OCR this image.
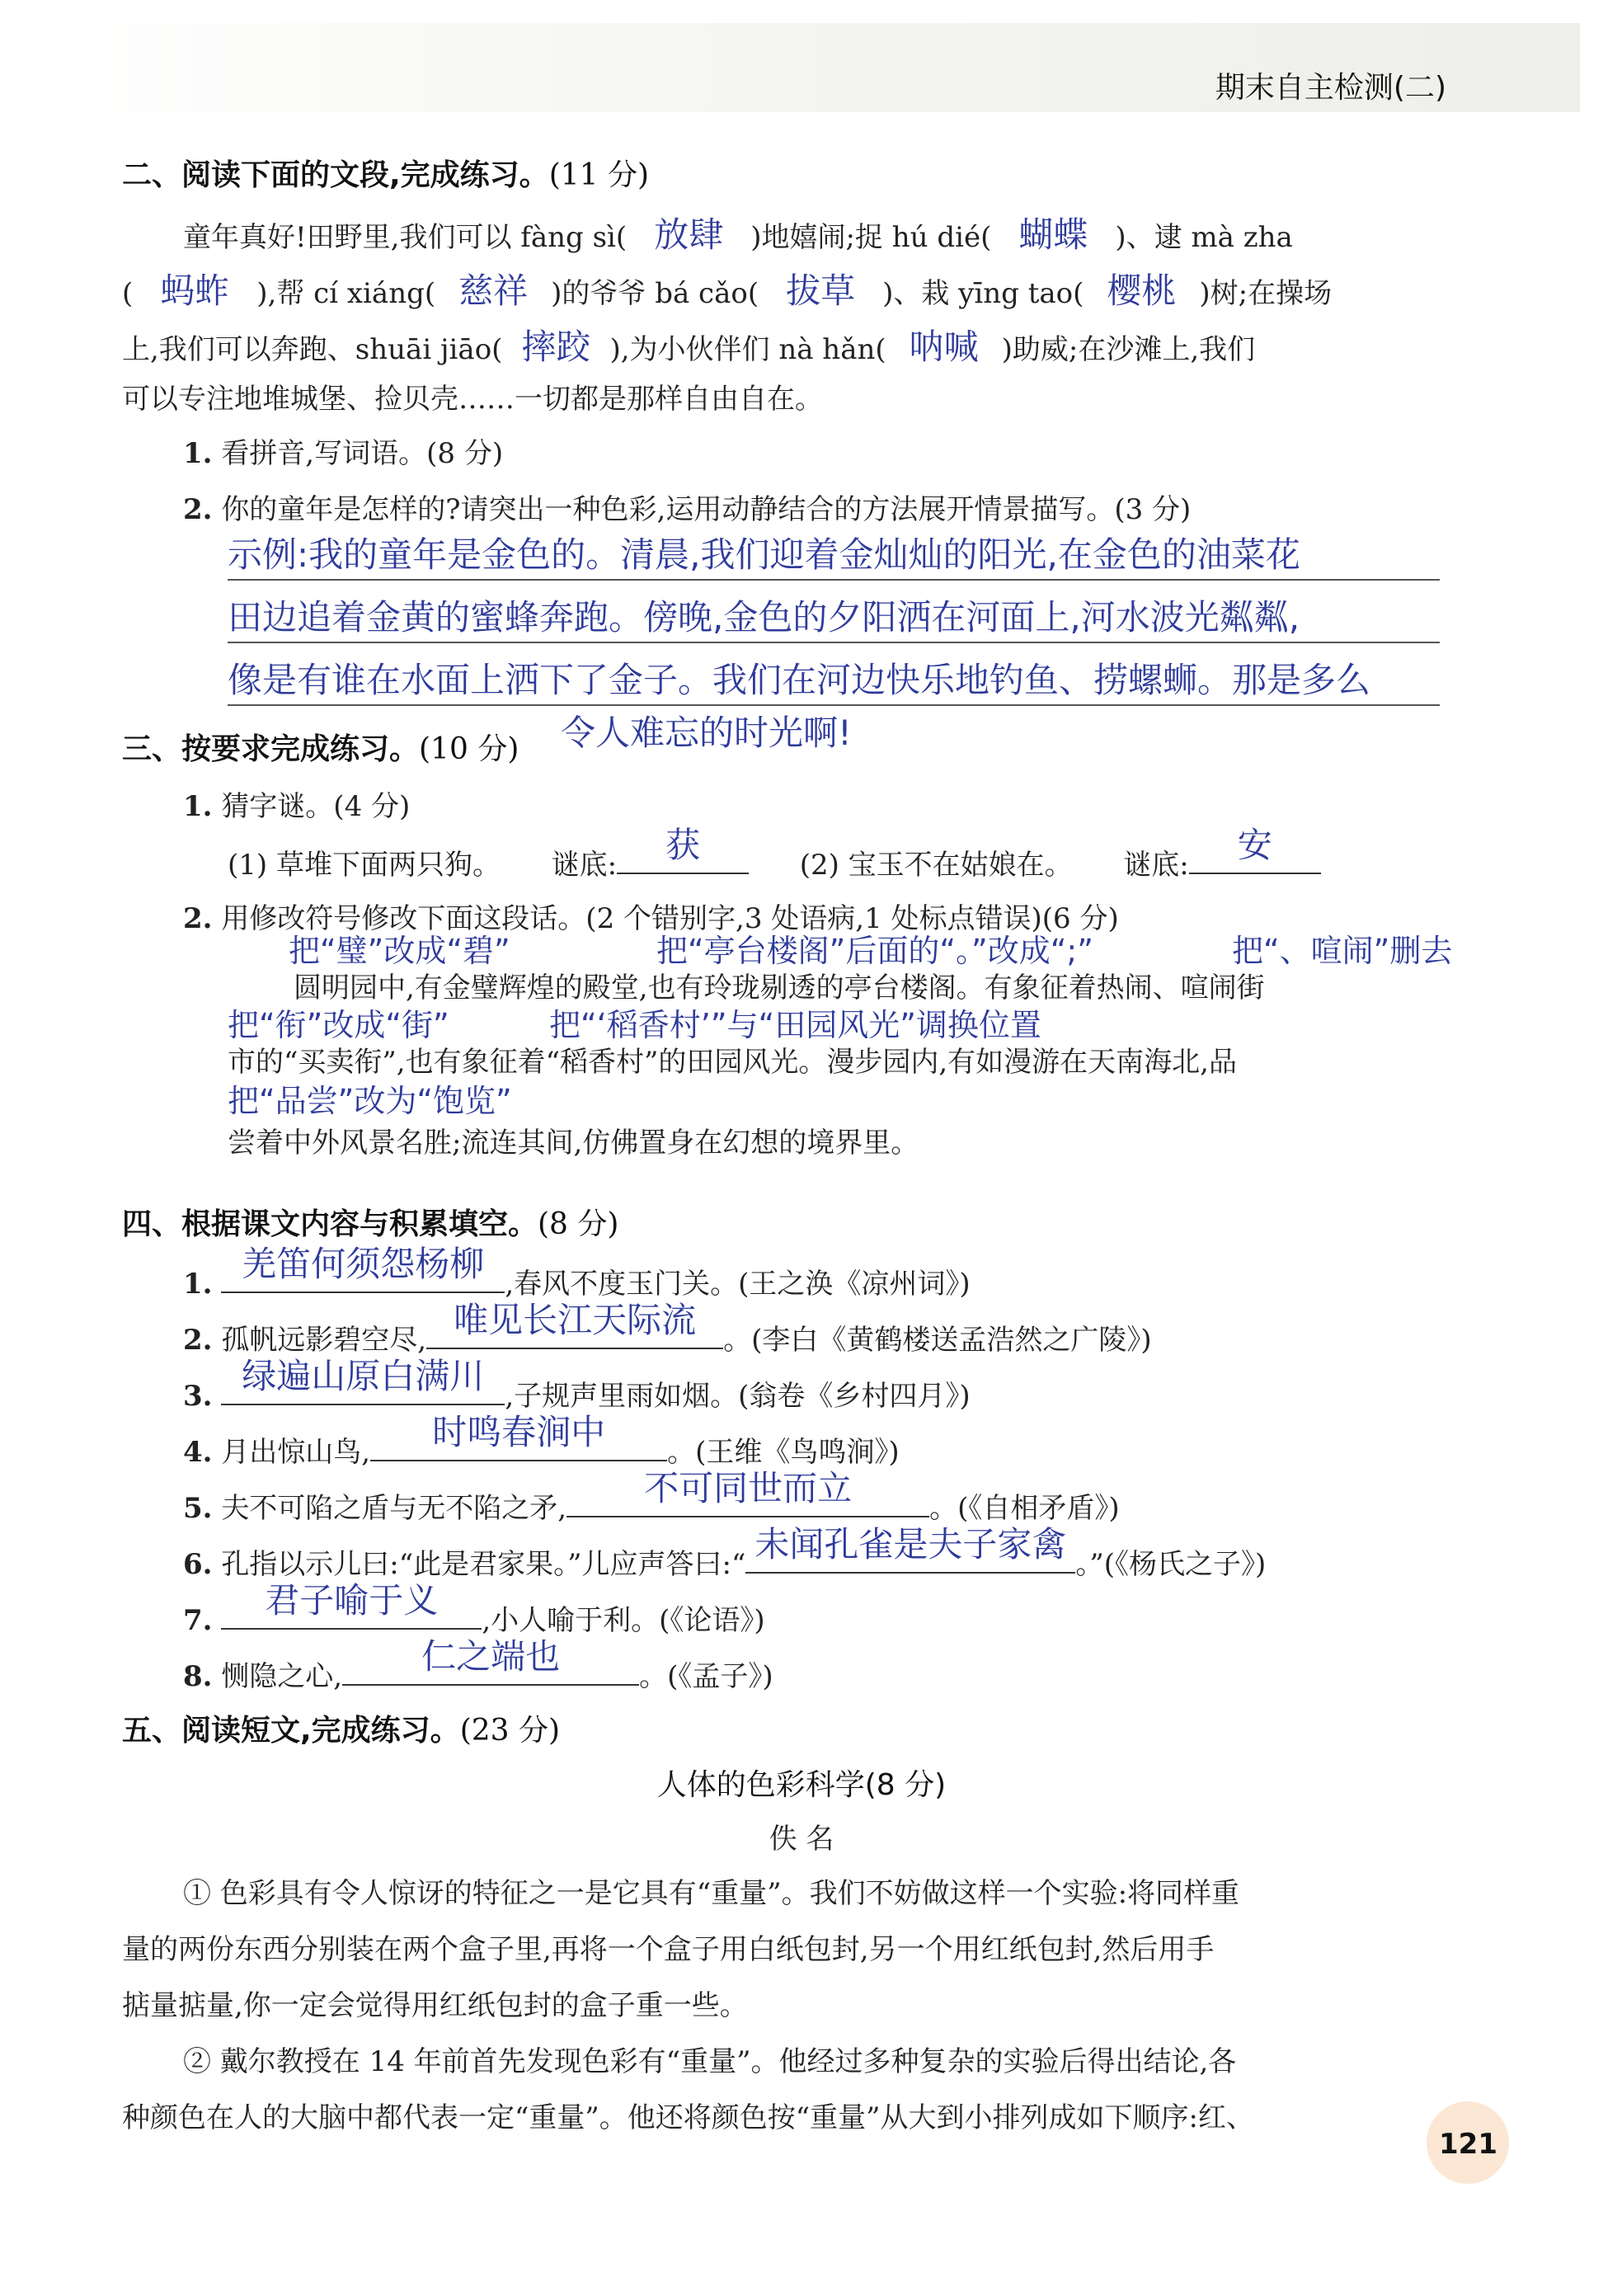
期末自主检测(二)
二、阅读下面的文段,完成练习。(11 分)
童年真好!田野里,我们可以 fàng sì( 放肆 )地嬉闹;捉 hú dié( 蝴蝶 )、逮 mà zha
( 蚂蚱 ),帮 cí xiáng( 慈祥 )的爷爷 bá cǎo( 拔草 )、栽 yīng tao( 樱桃 )树;在操场
上,我们可以奔跑、shuāi jiāo( 摔跤 ),为小伙伴们 nà hǎn( 呐喊 )助威;在沙滩上,我们
可以专注地堆城堡、捡贝壳……一切都是那样自由自在。
1. 看拼音,写词语。(8 分)
2. 你的童年是怎样的?请突出一种色彩,运用动静结合的方法展开情景描写。(3 分)
示例:我的童年是金色的。清晨,我们迎着金灿灿的阳光,在金色的油菜花
田边追着金黄的蜜蜂奔跑。傍晚,金色的夕阳洒在河面上,河水波光粼粼,
像是有谁在水面上洒下了金子。我们在河边快乐地钓鱼、捞螺蛳。那是多么
三、按要求完成练习。(10 分) 令人难忘的时光啊!
1. 猜字谜。(4 分)
(1) 草堆下面两只狗。 谜底:	获	(2) 宝玉不在姑娘在。 谜底:	安
2. 用修改符号修改下面这段话。(2 个错别字,3 处语病,1 处标点错误)(6 分)
把“璧”改成“碧”	把“亭台楼阁”后面的“。”改成“;”	把“、喧闹”删去
圆明园中,有金璧辉煌的殿堂,也有玲珑剔透的亭台楼阁。有象征着热闹、喧闹街
把“衔”改成“街”	把“‘稻香村’”与“田园风光”调换位置
市的“买卖衔”,也有象征着“稻香村”的田园风光。漫步园内,有如漫游在天南海北,品
把“品尝”改为“饱览”
尝着中外风景名胜;流连其间,仿佛置身在幻想的境界里。
四、根据课文内容与积累填空。(8 分)
1. 羌笛何须怨杨柳 ,春风不度玉门关。(王之涣《凉州词》)
2. 孤帆远影碧空尽, 唯见长江天际流 。(李白《黄鹤楼送孟浩然之广陵》)
3. 绿遍山原白满川 ,子规声里雨如烟。(翁卷《乡村四月》)
4. 月出惊山鸟,	时鸣春涧中	。(王维《鸟鸣涧》)
5. 夫不可陷之盾与无不陷之矛,	不可同世而立	。(《自相矛盾》)
6. 孔指以示儿曰:“此是君家果。”儿应声答曰:“ 未闻孔雀是夫子家禽 。”(《杨氏之子》)
7.	君子喻于义	,小人喻于利。(《论语》)
8. 恻隐之心,	仁之端也	。(《孟子》)
五、阅读短文,完成练习。(23 分)
人体的色彩科学(8 分)
佚 名
① 色彩具有令人惊讶的特征之一是它具有“重量”。我们不妨做这样一个实验:将同样重
量的两份东西分别装在两个盒子里,再将一个盒子用白纸包封,另一个用红纸包封,然后用手
掂量掂量,你一定会觉得用红纸包封的盒子重一些。
② 戴尔教授在 14 年前首先发现色彩有“重量”。他经过多种复杂的实验后得出结论,各
种颜色在人的大脑中都代表一定“重量”。他还将颜色按“重量”从大到小排列成如下顺序:红、
121
